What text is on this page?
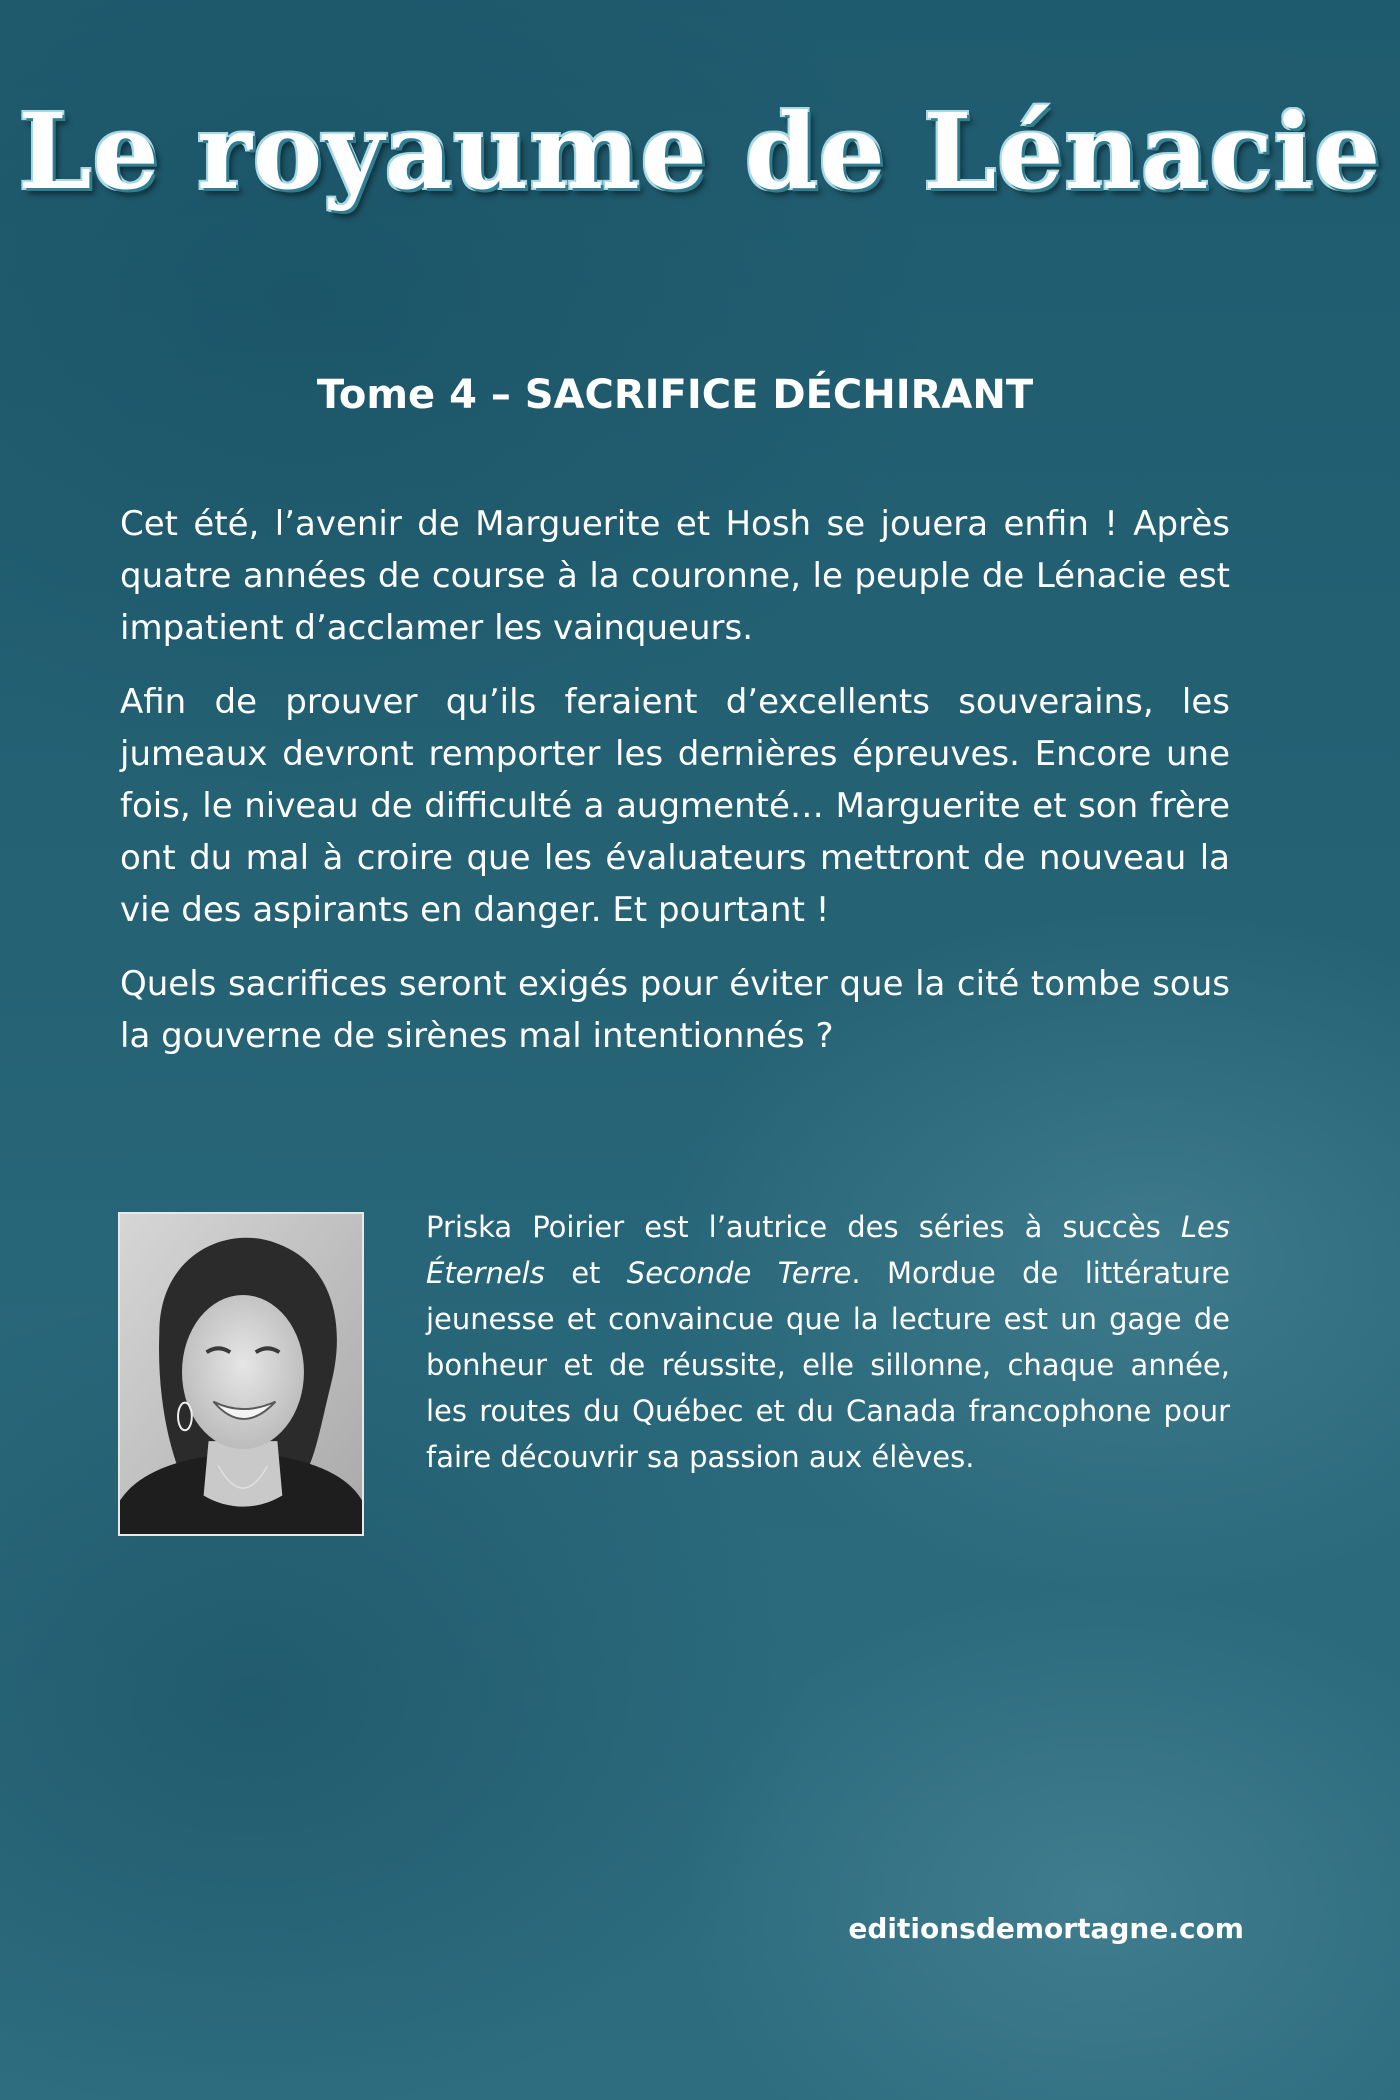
Le royaume de Lénacie
Tome 4 – SACRIFICE DÉCHIRANT

Cet été, l’avenir de Marguerite et Hosh se jouera enfin ! Après quatre années de course à la couronne, le peuple de Lénacie est impatient d’acclamer les vainqueurs.

Afin de prouver qu’ils feraient d’excellents souverains, les jumeaux devront remporter les dernières épreuves. Encore une fois, le niveau de difficulté a augmenté… Marguerite et son frère ont du mal à croire que les évaluateurs mettront de nouveau la vie des aspirants en danger. Et pourtant !

Quels sacrifices seront exigés pour éviter que la cité tombe sous la gouverne de sirènes mal intentionnés ?

Priska Poirier est l’autrice des séries à succès Les Éternels et Seconde Terre. Mordue de littérature jeunesse et convaincue que la lecture est un gage de bonheur et de réussite, elle sillonne, chaque année, les routes du Québec et du Canada francophone pour faire découvrir sa passion aux élèves.

editionsdemortagne.com
